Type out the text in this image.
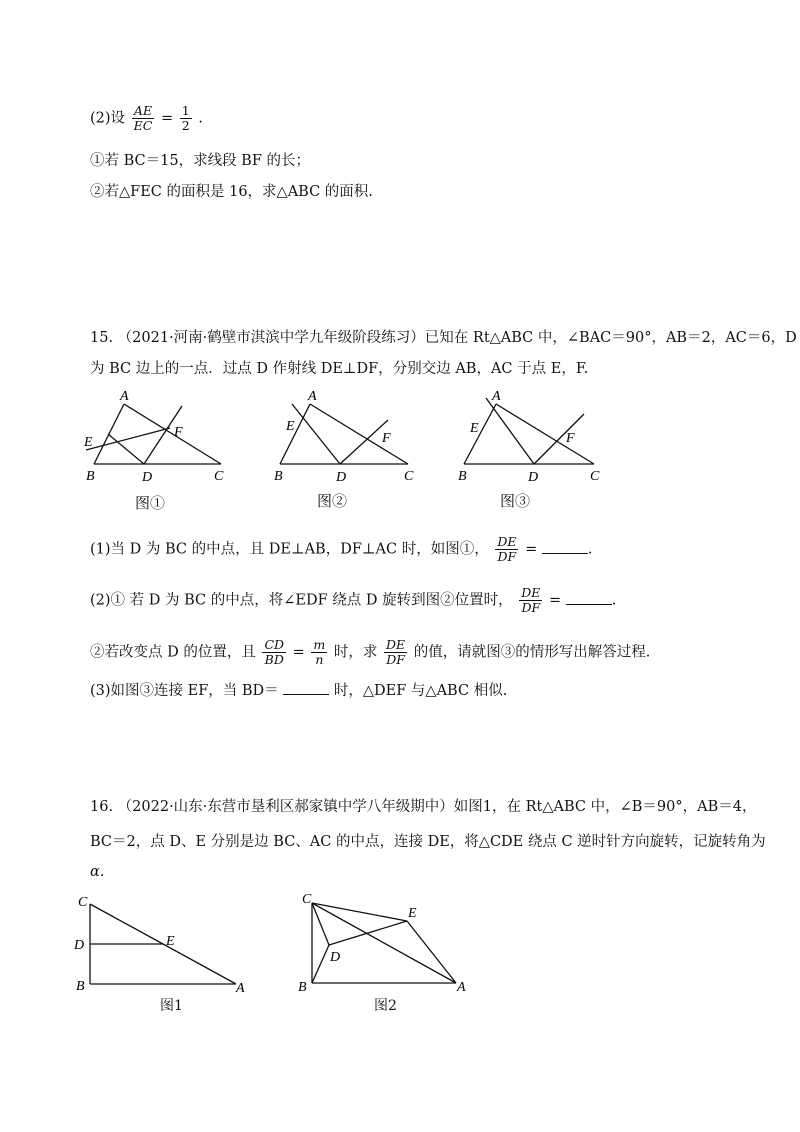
(2)设 $\frac{AE}{EC} = \frac{1}{2}$ .
①若 BC＝15，求线段 BF 的长；
②若△FEC 的面积是 16，求△ABC 的面积.
15. （2021·河南·鹤壁市淇滨中学九年级阶段练习）已知在 Rt△ABC 中，∠BAC＝90°，AB＝2，AC＝6，D
为 BC 边上的一点．过点 D 作射线 DE⊥DF，分别交边 AB，AC 于点 E，F.
A
B	C
D
E
F
图①
A
B	C
D
E
F
图②
A
B	C
D
E
F
图③
(1)当 D 为 BC 的中点，且 DE⊥AB，DF⊥AC 时，如图①， $\frac{DE}{DF}$ =	.
(2)① 若 D 为 BC 的中点，将∠EDF 绕点 D 旋转到图②位置时， $\frac{DE}{DF}$ =	.
②若改变点 D 的位置，且 $\frac{CD}{BD} = \frac{m}{n}$ 时，求 $\frac{DE}{DF}$ 的值，请就图③的情形写出解答过程.
(3)如图③连接 EF，当 BD＝	时，△DEF 与△ABC 相似.
16. （2022·山东·东营市垦利区郝家镇中学八年级期中）如图1，在 Rt△ABC 中，∠B＝90°，AB＝4，
BC＝2，点 D、E 分别是边 BC、AC 的中点，连接 DE，将△CDE 绕点 C 逆时针方向旋转，记旋转角为
α.
C
D	E
B	A
图1
C
E
D
B	A
图2
